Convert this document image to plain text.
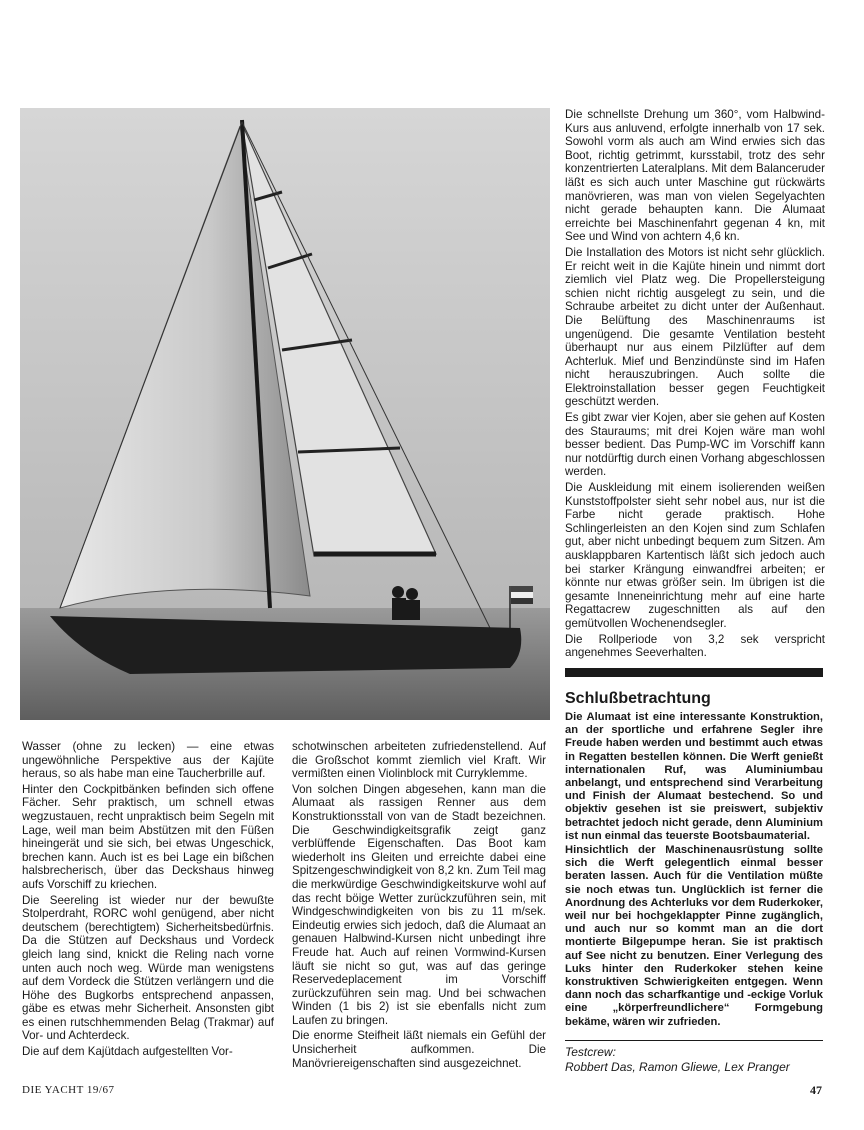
Die schnellste Drehung um 360°, vom Halbwind-Kurs aus anluvend, erfolgte innerhalb von 17 sek. Sowohl vorm als auch am Wind erwies sich das Boot, richtig getrimmt, kursstabil, trotz des sehr konzentrierten Lateralplans. Mit dem Balanceruder läßt es sich auch unter Maschine gut rückwärts manövrieren, was man von vielen Segelyachten nicht gerade behaupten kann. Die Alumaat erreichte bei Maschinenfahrt gegenan 4 kn, mit See und Wind von achtern 4,6 kn.

Die Installation des Motors ist nicht sehr glücklich. Er reicht weit in die Kajüte hinein und nimmt dort ziemlich viel Platz weg. Die Propellersteigung schien nicht richtig ausgelegt zu sein, und die Schraube arbeitet zu dicht unter der Außenhaut. Die Belüftung des Maschinenraums ist ungenügend. Die gesamte Ventilation besteht überhaupt nur aus einem Pilzlüfter auf dem Achterluk. Mief und Benzindünste sind im Hafen nicht herauszubringen. Auch sollte die Elektroinstallation besser gegen Feuchtigkeit geschützt werden.

Es gibt zwar vier Kojen, aber sie gehen auf Kosten des Stauraums; mit drei Kojen wäre man wohl besser bedient. Das Pump-WC im Vorschiff kann nur notdürftig durch einen Vorhang abgeschlossen werden.

Die Auskleidung mit einem isolierenden weißen Kunststoffpolster sieht sehr nobel aus, nur ist die Farbe nicht gerade praktisch. Hohe Schlingerleisten an den Kojen sind zum Schlafen gut, aber nicht unbedingt bequem zum Sitzen. Am ausklappbaren Kartentisch läßt sich jedoch auch bei starker Krängung einwandfrei arbeiten; er könnte nur etwas größer sein. Im übrigen ist die gesamte Inneneinrichtung mehr auf eine harte Regattacrew zugeschnitten als auf den gemütvollen Wochenendsegler.

Die Rollperiode von 3,2 sek verspricht angenehmes Seeverhalten.

Schlußbetrachtung

Die Alumaat ist eine interessante Konstruktion, an der sportliche und erfahrene Segler ihre Freude haben werden und bestimmt auch etwas in Regatten bestellen können. Die Werft genießt internationalen Ruf, was Aluminiumbau anbelangt, und entsprechend sind Verarbeitung und Finish der Alumaat bestechend. So und objektiv gesehen ist sie preiswert, subjektiv betrachtet jedoch nicht gerade, denn Aluminium ist nun einmal das teuerste Bootsbaumaterial.

Hinsichtlich der Maschinenausrüstung sollte sich die Werft gelegentlich einmal besser beraten lassen. Auch für die Ventilation müßte sie noch etwas tun. Unglücklich ist ferner die Anordnung des Achterluks vor dem Ruderkoker, weil nur bei hochgeklappter Pinne zugänglich, und auch nur so kommt man an die dort montierte Bilgepumpe heran. Sie ist praktisch auf See nicht zu benutzen. Einer Verlegung des Luks hinter den Ruderkoker stehen keine konstruktiven Schwierigkeiten entgegen. Wenn dann noch das scharfkantige und -eckige Vorluk eine „körperfreundlichere“ Formgebung bekäme, wären wir zufrieden.

Testcrew:
Robbert Das, Ramon Gliewe, Lex Pranger

Wasser (ohne zu lecken) — eine etwas ungewöhnliche Perspektive aus der Kajüte heraus, so als habe man eine Taucherbrille auf.

Hinter den Cockpitbänken befinden sich offene Fächer. Sehr praktisch, um schnell etwas wegzustauen, recht unpraktisch beim Segeln mit Lage, weil man beim Abstützen mit den Füßen hineingerät und sie sich, bei etwas Ungeschick, brechen kann. Auch ist es bei Lage ein bißchen halsbrecherisch, über das Deckshaus hinweg aufs Vorschiff zu kriechen.

Die Seereling ist wieder nur der bewußte Stolperdraht, RORC wohl genügend, aber nicht deutschem (berechtigtem) Sicherheitsbedürfnis. Da die Stützen auf Deckshaus und Vordeck gleich lang sind, knickt die Reling nach vorne unten auch noch weg. Würde man wenigstens auf dem Vordeck die Stützen verlängern und die Höhe des Bugkorbs entsprechend anpassen, gäbe es etwas mehr Sicherheit. Ansonsten gibt es einen rutschhemmenden Belag (Trakmar) auf Vor- und Achterdeck.

Die auf dem Kajütdach aufgestellten Vor-

schotwinschen arbeiteten zufriedenstellend. Auf die Großschot kommt ziemlich viel Kraft. Wir vermißten einen Violinblock mit Curryklemme.

Von solchen Dingen abgesehen, kann man die Alumaat als rassigen Renner aus dem Konstruktionsstall von van de Stadt bezeichnen. Die Geschwindigkeitsgrafik zeigt ganz verblüffende Eigenschaften. Das Boot kam wiederholt ins Gleiten und erreichte dabei eine Spitzengeschwindigkeit von 8,2 kn. Zum Teil mag die merkwürdige Geschwindigkeitskurve wohl auf das recht böige Wetter zurückzuführen sein, mit Windgeschwindigkeiten von bis zu 11 m/sek. Eindeutig erwies sich jedoch, daß die Alumaat an genauen Halbwind-Kursen nicht unbedingt ihre Freude hat. Auch auf reinen Vormwind-Kursen läuft sie nicht so gut, was auf das geringe Reservedeplacement im Vorschiff zurückzuführen sein mag. Und bei schwachen Winden (1 bis 2) ist sie ebenfalls nicht zum Laufen zu bringen.

Die enorme Steifheit läßt niemals ein Gefühl der Unsicherheit aufkommen. Die Manövriereigenschaften sind ausgezeichnet.

DIE YACHT 19/67	47
